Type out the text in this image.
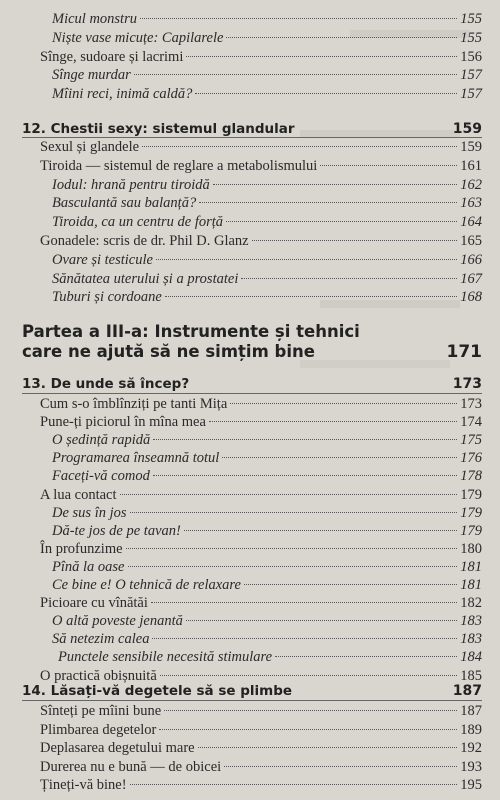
Micul monstru	155
Niște vase micuțe: Capilarele	155
Sînge, sudoare și lacrimi	156
Sînge murdar	157
Mîini reci, inimă caldă?	157
12. Chestii sexy: sistemul glandular	159
Sexul și glandele	159
Tiroida — sistemul de reglare a metabolismului	161
Iodul: hrană pentru tiroidă	162
Basculantă sau balanță?	163
Tiroida, ca un centru de forță	164
Gonadele: scris de dr. Phil D. Glanz	165
Ovare și testicule	166
Sănătatea uterului și a prostatei	167
Tuburi și cordoane	168
Partea a III-a: Instrumente și tehnici
care ne ajută să ne simțim bine	171
13. De unde să încep?	173
Cum s-o îmblînziți pe tanti Mița	173
Pune-ți piciorul în mîna mea	174
O ședință rapidă	175
Programarea înseamnă totul	176
Faceți-vă comod	178
A lua contact	179
De sus în jos	179
Dă-te jos de pe tavan!	179
În profunzime	180
Pînă la oase	181
Ce bine e! O tehnică de relaxare	181
Picioare cu vînătăi	182
O altă poveste jenantă	183
Să netezim calea	183
Punctele sensibile necesită stimulare	184
O practică obișnuită	185
14. Lăsați-vă degetele să se plimbe	187
Sînteți pe mîini bune	187
Plimbarea degetelor	189
Deplasarea degetului mare	192
Durerea nu e bună — de obicei	193
Țineți-vă bine!	195
